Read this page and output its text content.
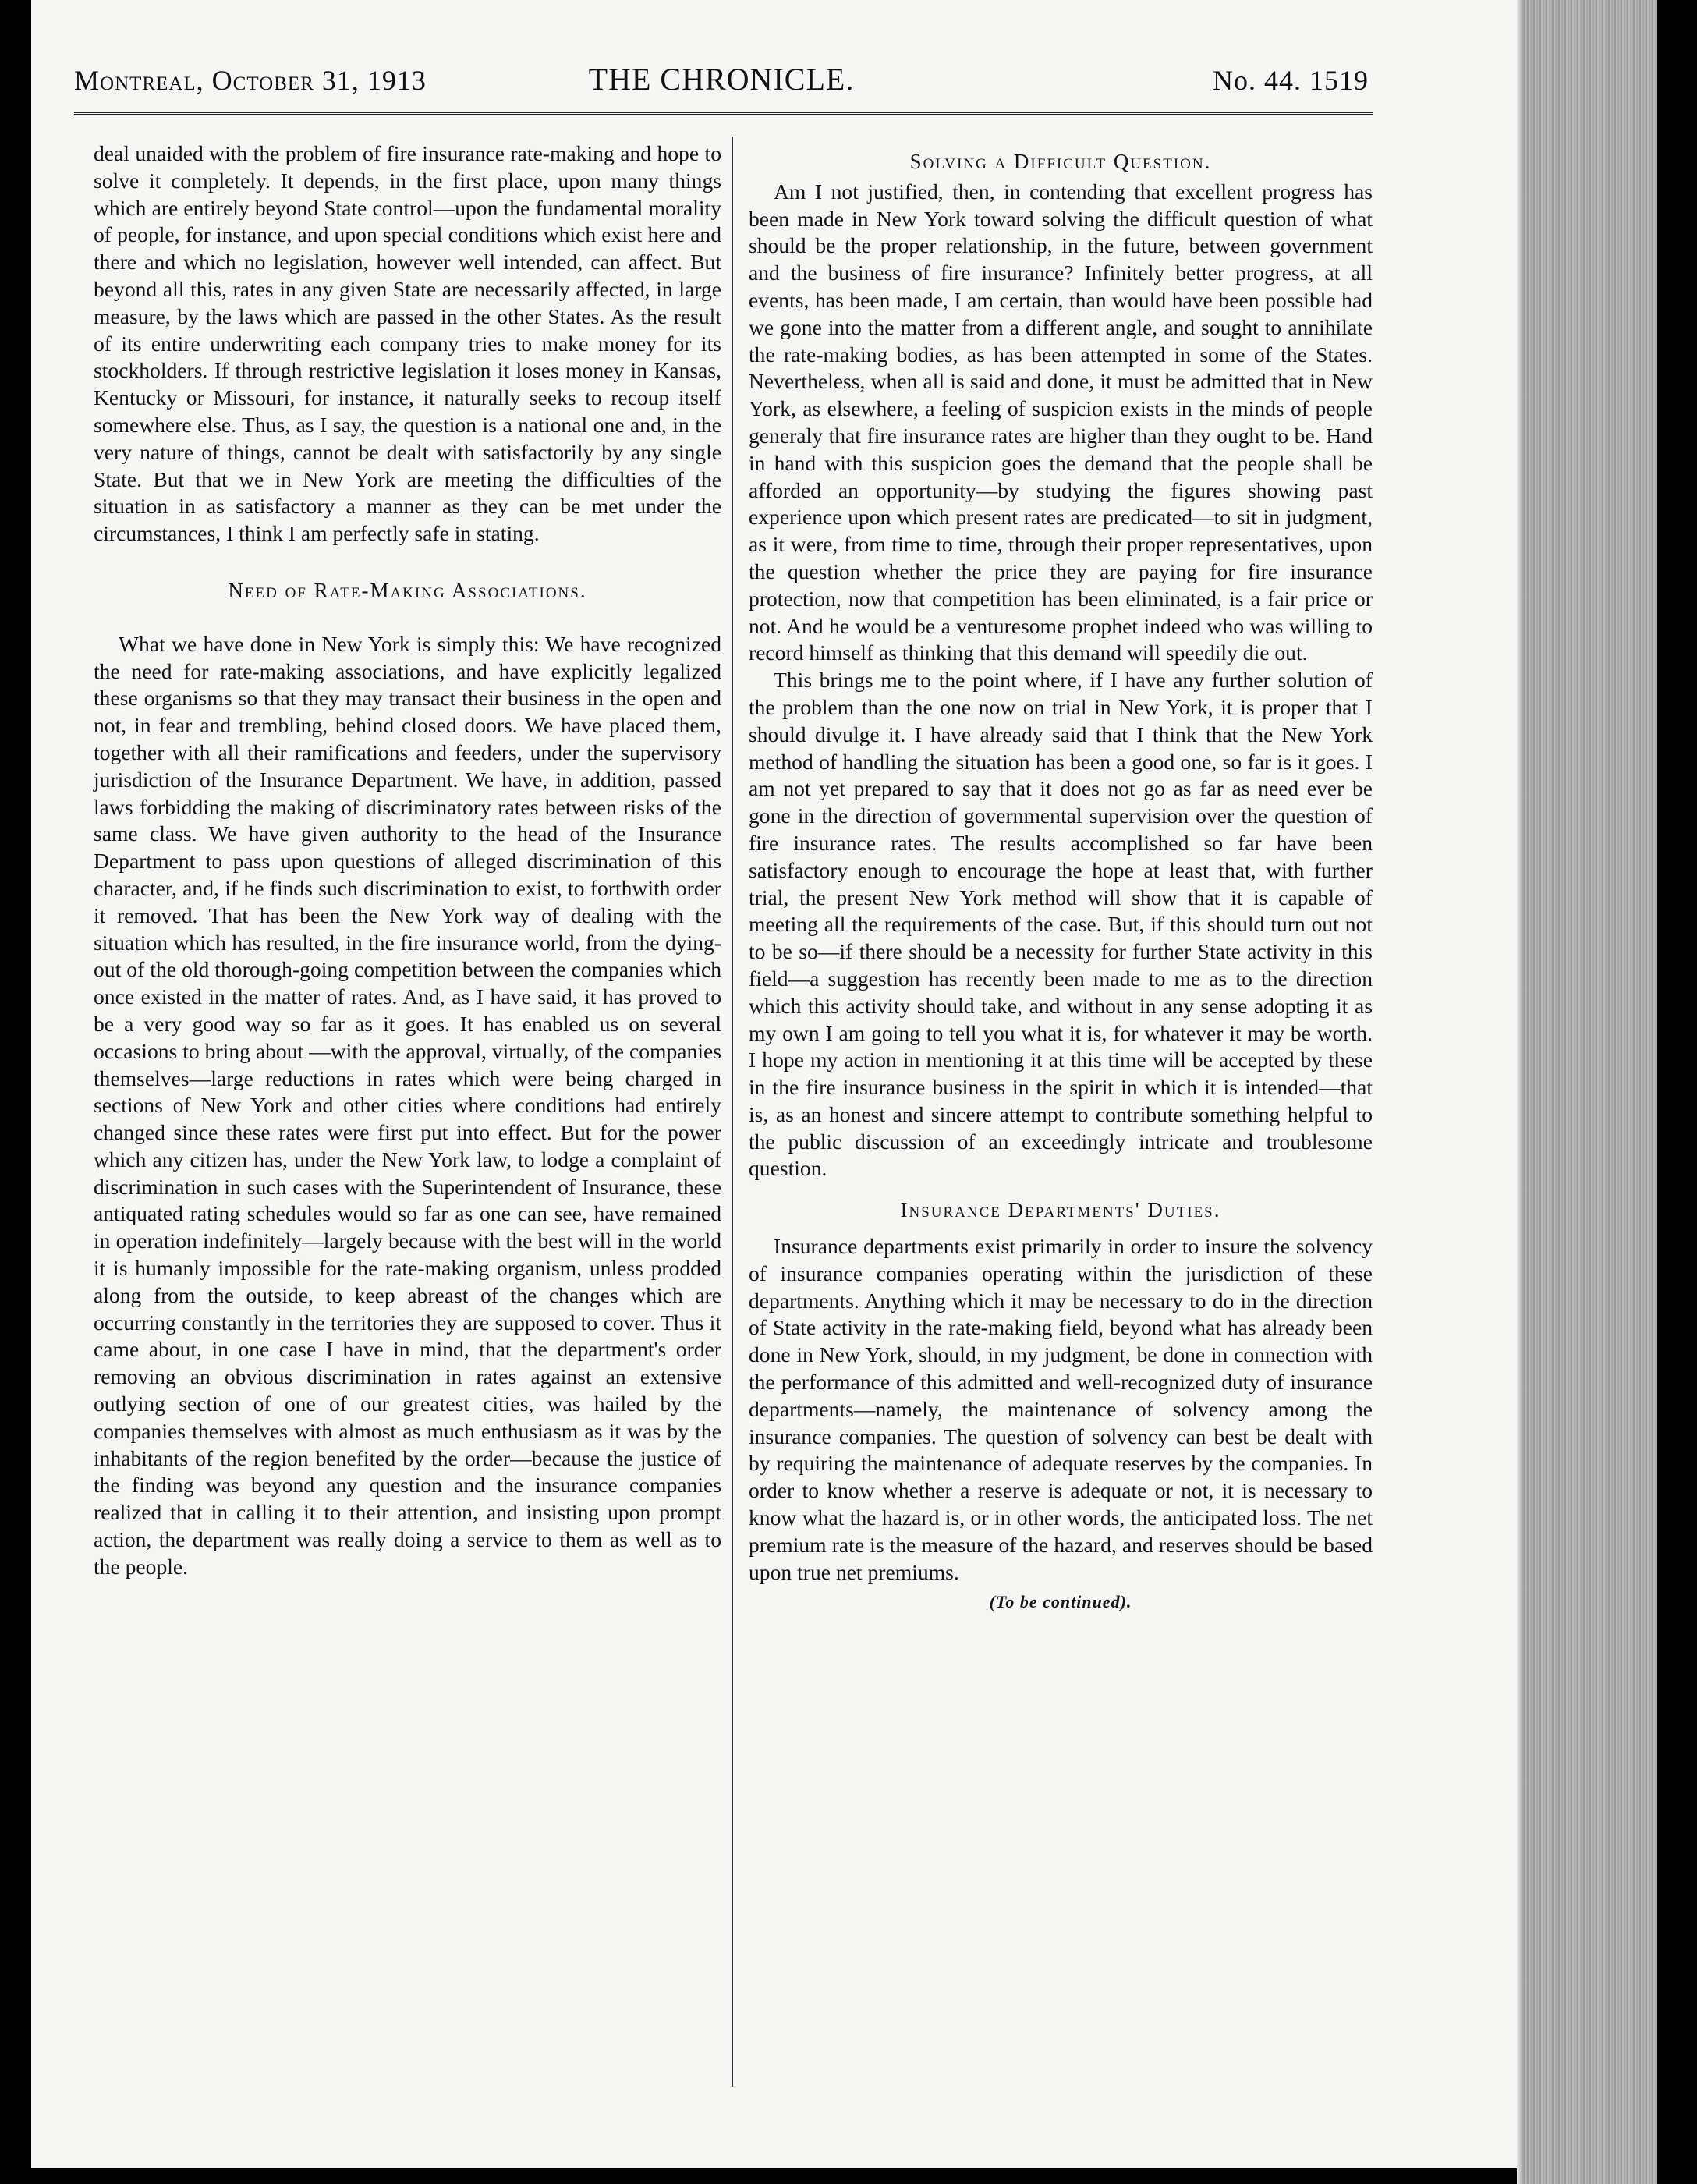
Montreal, October 31, 1913	THE CHRONICLE.	No. 44. 1519

deal unaided with the problem of fire insurance rate-making and hope to solve it completely. It depends, in the first place, upon many things which are entirely beyond State control—upon the fundamental morality of people, for instance, and upon special conditions which exist here and there and which no legislation, however well intended, can affect. But beyond all this, rates in any given State are necessarily affected, in large measure, by the laws which are passed in the other States. As the result of its entire underwriting each company tries to make money for its stockholders. If through restrictive legislation it loses money in Kansas, Kentucky or Missouri, for instance, it naturally seeks to recoup itself somewhere else. Thus, as I say, the question is a national one and, in the very nature of things, cannot be dealt with satisfactorily by any single State. But that we in New York are meeting the difficulties of the situation in as satisfactory a manner as they can be met under the circumstances, I think I am perfectly safe in stating.

Need of Rate-Making Associations.

What we have done in New York is simply this: We have recognized the need for rate-making associations, and have explicitly legalized these organisms so that they may transact their business in the open and not, in fear and trembling, behind closed doors. We have placed them, together with all their ramifications and feeders, under the supervisory jurisdiction of the Insurance Department. We have, in addition, passed laws forbidding the making of discriminatory rates between risks of the same class. We have given authority to the head of the Insurance Department to pass upon questions of alleged discrimination of this character, and, if he finds such discrimination to exist, to forthwith order it removed. That has been the New York way of dealing with the situation which has resulted, in the fire insurance world, from the dying-out of the old thorough-going competition between the companies which once existed in the matter of rates. And, as I have said, it has proved to be a very good way so far as it goes. It has enabled us on several occasions to bring about —with the approval, virtually, of the companies themselves—large reductions in rates which were being charged in sections of New York and other cities where conditions had entirely changed since these rates were first put into effect. But for the power which any citizen has, under the New York law, to lodge a complaint of discrimination in such cases with the Superintendent of Insurance, these antiquated rating schedules would so far as one can see, have remained in operation indefinitely—largely because with the best will in the world it is humanly impossible for the rate-making organism, unless prodded along from the outside, to keep abreast of the changes which are occurring constantly in the territories they are supposed to cover. Thus it came about, in one case I have in mind, that the department's order removing an obvious discrimination in rates against an extensive outlying section of one of our greatest cities, was hailed by the companies themselves with almost as much enthusiasm as it was by the inhabitants of the region benefited by the order—because the justice of the finding was beyond any question and the insurance companies realized that in calling it to their attention, and insisting upon prompt action, the department was really doing a service to them as well as to the people.

Solving a Difficult Question.

Am I not justified, then, in contending that excellent progress has been made in New York toward solving the difficult question of what should be the proper relationship, in the future, between government and the business of fire insurance? Infinitely better progress, at all events, has been made, I am certain, than would have been possible had we gone into the matter from a different angle, and sought to annihilate the rate-making bodies, as has been attempted in some of the States. Nevertheless, when all is said and done, it must be admitted that in New York, as elsewhere, a feeling of suspicion exists in the minds of people generaly that fire insurance rates are higher than they ought to be. Hand in hand with this suspicion goes the demand that the people shall be afforded an opportunity—by studying the figures showing past experience upon which present rates are predicated—to sit in judgment, as it were, from time to time, through their proper representatives, upon the question whether the price they are paying for fire insurance protection, now that competition has been eliminated, is a fair price or not. And he would be a venturesome prophet indeed who was willing to record himself as thinking that this demand will speedily die out.

This brings me to the point where, if I have any further solution of the problem than the one now on trial in New York, it is proper that I should divulge it. I have already said that I think that the New York method of handling the situation has been a good one, so far is it goes. I am not yet prepared to say that it does not go as far as need ever be gone in the direction of governmental supervision over the question of fire insurance rates. The results accomplished so far have been satisfactory enough to encourage the hope at least that, with further trial, the present New York method will show that it is capable of meeting all the requirements of the case. But, if this should turn out not to be so—if there should be a necessity for further State activity in this field—a suggestion has recently been made to me as to the direction which this activity should take, and without in any sense adopting it as my own I am going to tell you what it is, for whatever it may be worth. I hope my action in mentioning it at this time will be accepted by these in the fire insurance business in the spirit in which it is intended—that is, as an honest and sincere attempt to contribute something helpful to the public discussion of an exceedingly intricate and troublesome question.

Insurance Departments' Duties.

Insurance departments exist primarily in order to insure the solvency of insurance companies operating within the jurisdiction of these departments. Anything which it may be necessary to do in the direction of State activity in the rate-making field, beyond what has already been done in New York, should, in my judgment, be done in connection with the performance of this admitted and well-recognized duty of insurance departments—namely, the maintenance of solvency among the insurance companies. The question of solvency can best be dealt with by requiring the maintenance of adequate reserves by the companies. In order to know whether a reserve is adequate or not, it is necessary to know what the hazard is, or in other words, the anticipated loss. The net premium rate is the measure of the hazard, and reserves should be based upon true net premiums.

(To be continued).
